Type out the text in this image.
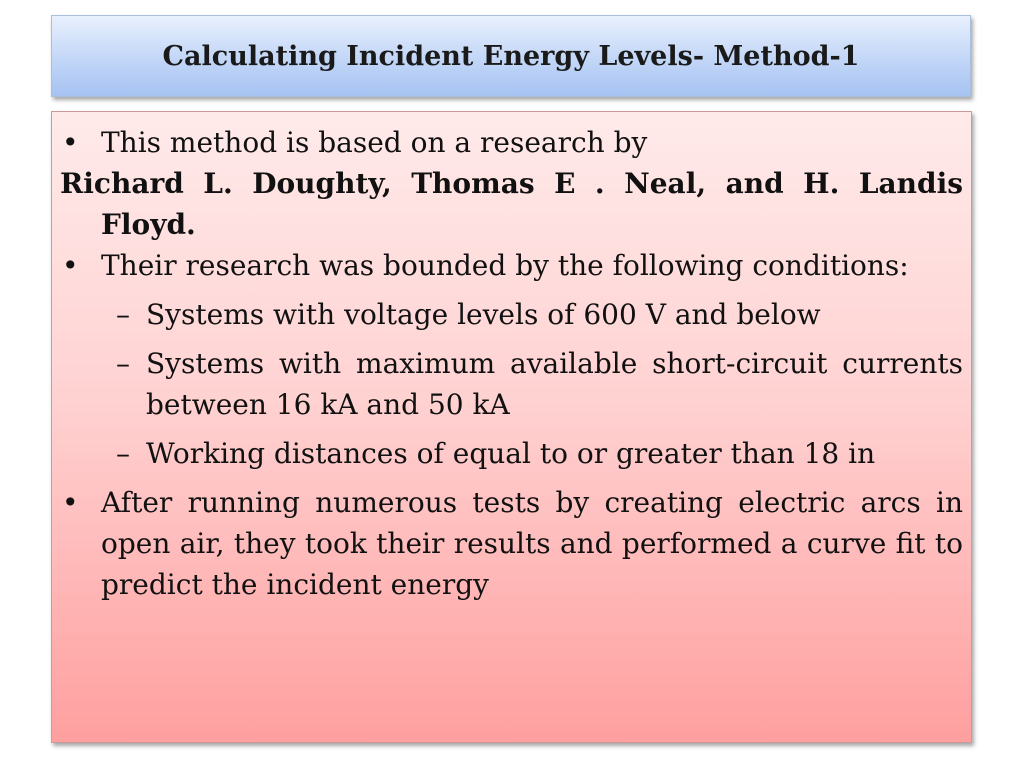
Calculating Incident Energy Levels- Method-1

• This method is based on a research by

Richard L. Doughty, Thomas E . Neal, and H. Landis Floyd.

• Their research was bounded by the following conditions:

– Systems with voltage levels of 600 V and below

– Systems with maximum available short-circuit currents between 16 kA and 50 kA

– Working distances of equal to or greater than 18 in

• After running numerous tests by creating electric arcs in open air, they took their results and performed a curve fit to predict the incident energy
